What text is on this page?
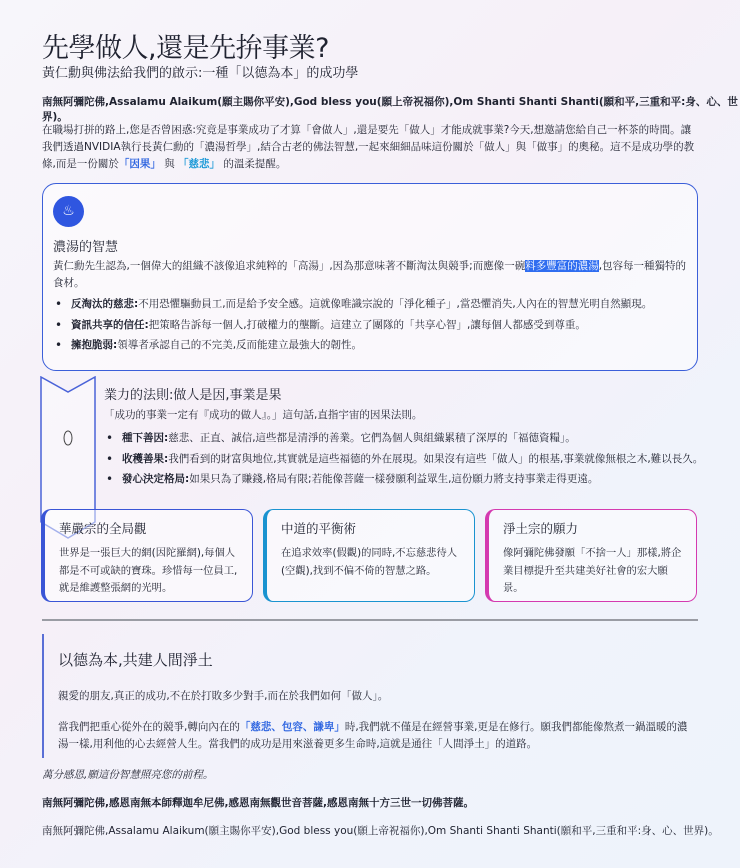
先學做人,還是先拚事業?
黃仁勳與佛法給我們的啟示:一種「以德為本」的成功學
南無阿彌陀佛,Assalamu Alaikum(願主賜你平安),God bless you(願上帝祝福你),Om Shanti Shanti Shanti(願和平,三重和平:身、心、世界)。
在職場打拼的路上,您是否曾困惑:究竟是事業成功了才算「會做人」,還是要先「做人」才能成就事業?今天,想邀請您給自己一杯茶的時間。讓我們透過NVIDIA執行長黃仁勳的「濃湯哲學」,結合古老的佛法智慧,一起來細細品味這份關於「做人」與「做事」的奧秘。這不是成功學的教條,而是一份關於「因果」 與 「慈悲」 的溫柔提醒。
♨
濃湯的智慧
黃仁勳先生認為,一個偉大的組織不該像追求純粹的「高湯」,因為那意味著不斷淘汰與競爭;而應像一碗料多豐富的濃湯,包容每一種獨特的食材。
• 反淘汰的慈悲:不用恐懼驅動員工,而是給予安全感。這就像唯識宗說的「淨化種子」,當恐懼消失,人內在的智慧光明自然顯現。
• 資訊共享的信任:把策略告訴每一個人,打破權力的壟斷。這建立了團隊的「共享心智」,讓每個人都感受到尊重。
• 擁抱脆弱:領導者承認自己的不完美,反而能建立最強大的韌性。
業力的法則:做人是因,事業是果
「成功的事業一定有『成功的做人』。」這句話,直指宇宙的因果法則。
• 種下善因:慈悲、正直、誠信,這些都是清淨的善業。它們為個人與組織累積了深厚的「福德資糧」。
• 收穫善果:我們看到的財富與地位,其實就是這些福德的外在展現。如果沒有這些「做人」的根基,事業就像無根之木,難以長久。
• 發心決定格局:如果只為了賺錢,格局有限;若能像菩薩一樣發願利益眾生,這份願力將支持事業走得更遠。
華嚴宗的全局觀

世界是一張巨大的網(因陀羅網),每個人都是不可或缺的寶珠。珍惜每一位員工,就是維護整張網的光明。

中道的平衡術

在追求效率(假觀)的同時,不忘慈悲待人(空觀),找到不偏不倚的智慧之路。

淨土宗的願力

像阿彌陀佛發願「不捨一人」那樣,將企業目標提升至共建美好社會的宏大願景。

以德為本,共建人間淨土

親愛的朋友,真正的成功,不在於打敗多少對手,而在於我們如何「做人」。

當我們把重心從外在的競爭,轉向內在的「慈悲、包容、謙卑」時,我們就不僅是在經營事業,更是在修行。願我們都能像熬煮一鍋溫暖的濃湯一樣,用利他的心去經營人生。當我們的成功是用來滋養更多生命時,這就是通往「人間淨土」的道路。

萬分感恩,願這份智慧照亮您的前程。
南無阿彌陀佛,感恩南無本師釋迦牟尼佛,感恩南無觀世音菩薩,感恩南無十方三世一切佛菩薩。
南無阿彌陀佛,Assalamu Alaikum(願主賜你平安),God bless you(願上帝祝福你),Om Shanti Shanti Shanti(願和平,三重和平:身、心、世界)。
